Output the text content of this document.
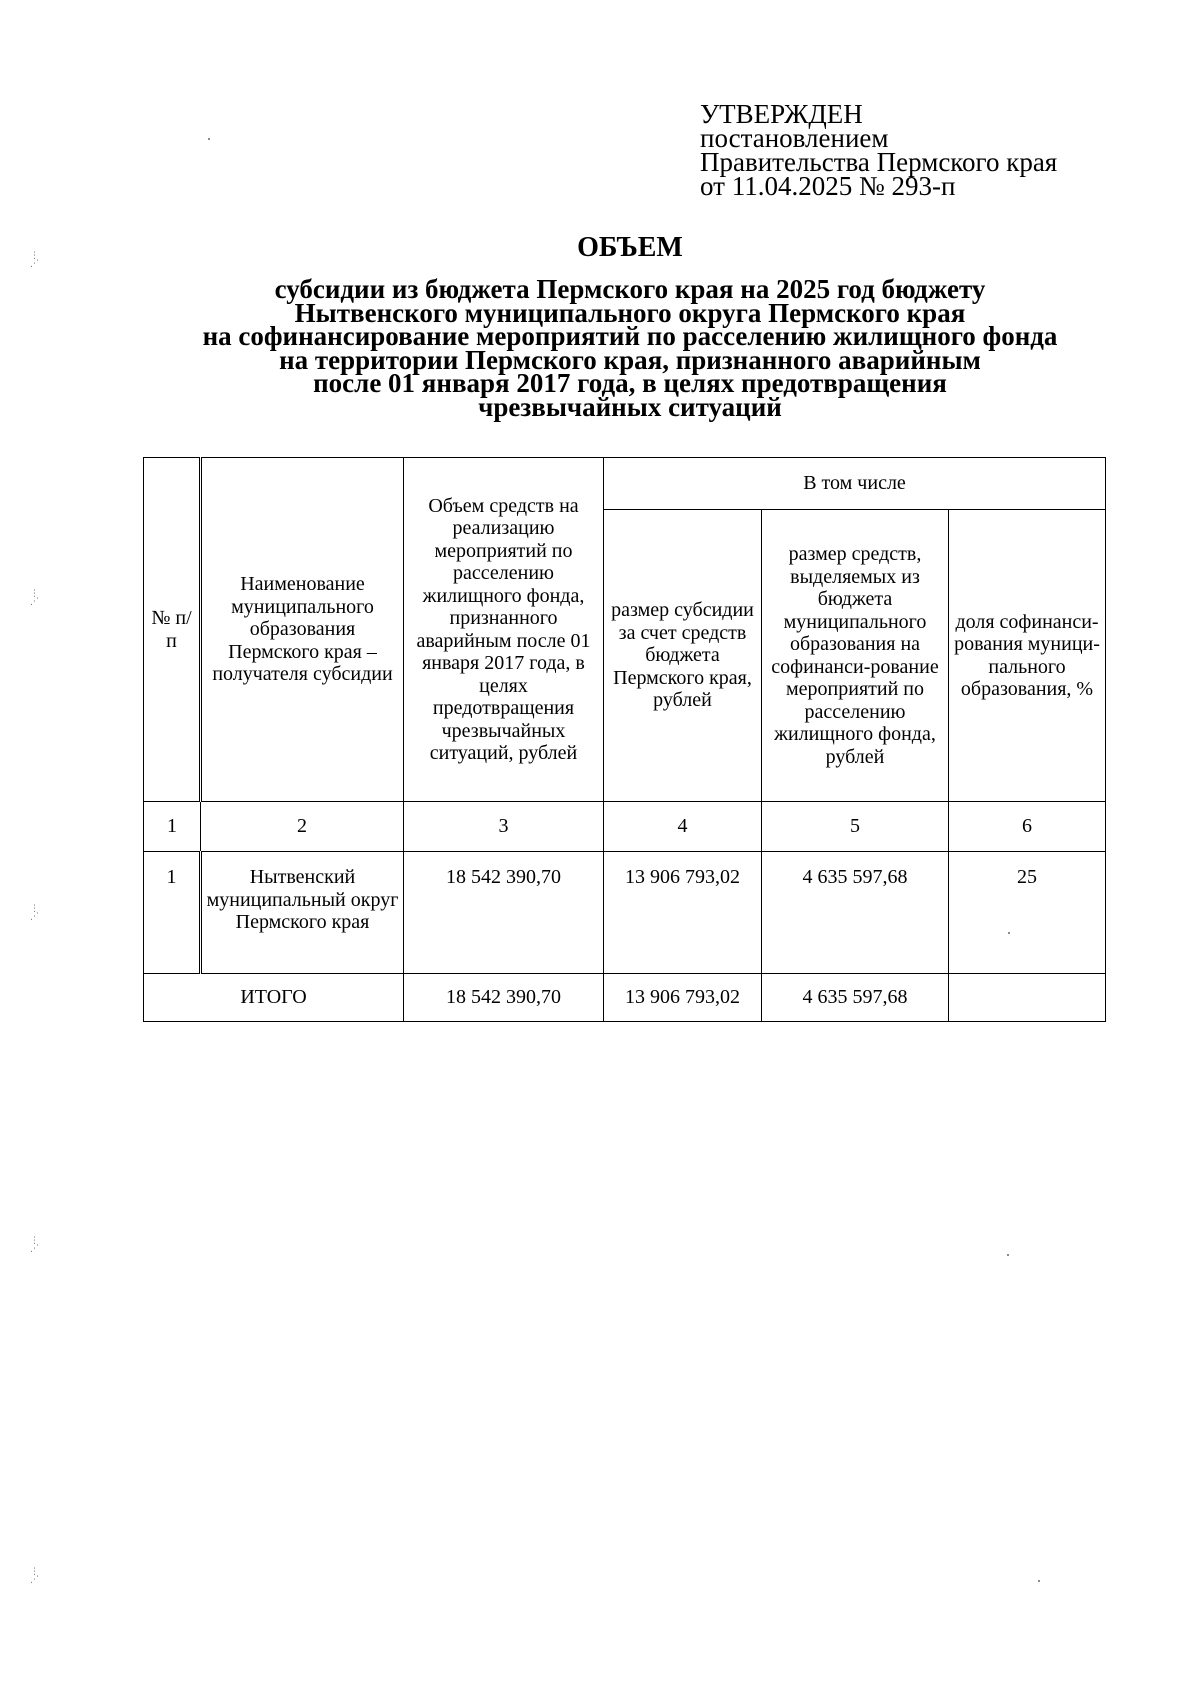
УТВЕРЖДЕН
постановлением
Правительства Пермского края
от 11.04.2025 № 293-п
ОБЪЕМ
субсидии из бюджета Пермского края на 2025 год бюджету
Нытвенского муниципального округа Пермского края
на софинансирование мероприятий по расселению жилищного фонда
на территории Пермского края, признанного аварийным
после 01 января 2017 года, в целях предотвращения
чрезвычайных ситуаций
№ п/п	Наименование муниципального образования Пермского края – получателя субсидии	Объем средств на реализацию мероприятий по расселению жилищного фонда, признанного аварийным после 01 января 2017 года, в целях предотвращения чрезвычайных ситуаций, рублей	В том числе		
			размер субсидии за счет средств бюджета Пермского края, рублей	размер средств, выделяемых из бюджета муниципального образования на софинанси-рование мероприятий по расселению жилищного фонда, рублей	доля софинанси-рования муници-пального образования, %
1	2	3	4	5	6
1	Нытвенский муниципальный округ Пермского края	18 542 390,70	13 906 793,02	4 635 597,68	25
ИТОГО		18 542 390,70	13 906 793,02	4 635 597,68	
⋮
⋰
⋮
⋰
⋮
⋰
⋮
⋰
⋮
⋰
